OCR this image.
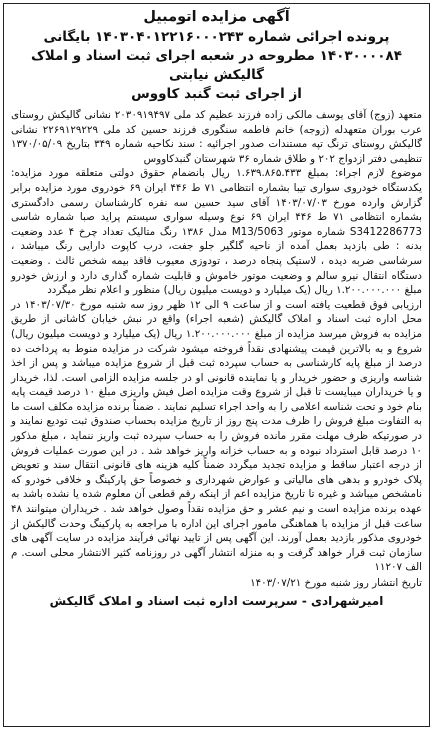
آگهی مزایده اتومبیل
پرونده اجرائی شماره ۱۴۰۳۰۴۰۱۲۲۱۶۰۰۰۲۴۳ بایگانی
۱۴۰۳۰۰۰۰۸۴ مطروحه در شعبه اجرای ثبت اسناد و املاک گالیکش نیابتی
از اجرای ثبت گنبد کاووس

متعهد (زوج) آقای یوسف مالکی زاده فرزند عظیم کد ملی ۲۰۳۰۹۱۹۴۹۷ نشانی گالیکش روستای عرب بوران متعهدله (زوجه) خانم فاطمه سنگوری فرزند حسین کد ملی ۲۲۶۹۱۲۹۲۲۹ نشانی گالیکش روستای ترنگ تپه مستندات صدور اجرائیه : سند نکاحیه شماره ۳۴۹ بتاریخ ۱۳۷۰/۰۵/۰۹ تنظیمی دفتر ازدواج ۲۰۲ و طلاق شماره ۳۶ شهرستان گنبدکاووس

موضوع لازم اجراء: بمبلغ ۱.۶۳۹.۸۶۵.۴۳۳ ریال بانضمام حقوق دولتی متعلقه مورد مزایده: یکدستگاه خودروی سواری تیبا بشماره انتظامی ۷۱ ط ۴۴۶ ایران ۶۹ خودروی مورد مزایده برابر گزارش وارده مورخ ۱۴۰۳/۰۷/۰۳ آقای سید حسین سه نفره کارشناسان رسمی دادگستری بشماره انتظامی ۷۱ ط ۴۴۶ ایران ۶۹ نوع وسیله سواری سیستم پراید صبا شماره شاسی S3412286773 شماره موتور M13/5063 مدل ۱۳۸۶ رنگ متالیک تعداد چرخ ۴ عدد وضعیت بدنه : طی بازدید بعمل آمده از ناحیه گلگیر جلو جفت، درب کاپوت دارایی رنگ میباشد ، سرشاسی ضربه دیده ، لاستیک پنجاه درصد ، تودوزی معیوب فاقد بیمه شخص ثالث . وضعیت دستگاه انتقال نیرو سالم و وضعیت موتور خاموش و قابلیت شماره گذاری دارد و ارزش خودرو مبلغ ۱.۲۰۰.۰۰۰.۰۰۰ ریال (یک میلیارد و دویست میلیون ریال) منظور و اعلام نظر میگردد

ارزیابی فوق قطعیت یافته است و از ساعت ۹ الی ۱۲ ظهر روز سه شنبه مورخ ۱۴۰۳/۰۷/۳۰ در محل اداره ثبت اسناد و املاک گالیکش (شعبه اجراء) واقع در نبش خیابان کاشانی از طریق مزایده به فروش میرسد مزایده از مبلغ ۱.۲۰۰.۰۰۰.۰۰۰ ریال (یک میلیارد و دویست میلیون ریال) شروع و به بالاترین قیمت پیشنهادی نقداً فروخته میشود شرکت در مزایده منوط به پرداخت ده درصد از مبلغ پایه کارشناسی به حساب سپرده ثبت قبل از شروع مزایده میباشد و پس از اخذ شناسه واریزی و حضور خریدار و یا نماینده قانونی او در جلسه مزایده الزامی است. لذا، خریدار و یا خریداران میبایست تا قبل از شروع وقت مزایده اصل فیش واریزی مبلغ ۱۰ درصد قیمت پایه بنام خود و تحت شناسه اعلامی را به واحد اجراء تسلیم نمایند . ضمناً برنده مزایده مکلف است ما به التفاوت مبلغ فروش را ظرف مدت پنج روز از تاریخ مزایده بحساب صندوق ثبت تودیع نمایند و در صورتیکه ظرف مهلت مقرر مانده فروش را به حساب سپرده ثبت واریز ننماید ، مبلغ مذکور ۱۰ درصد قابل استرداد نبوده و به حساب خزانه واریز خواهد شد . در این صورت عملیات فروش از درجه اعتبار ساقط و مزایده تجدید میگردد ضمناً کلیه هزینه های قانونی انتقال سند و تعویض پلاک خودرو و بدهی های مالیاتی و عوارض شهرداری و خصوصاً حق پارکینگ و خلافی خودرو که نامشخص میباشد و غیره تا تاریخ مزایده اعم از اینکه رقم قطعی آن معلوم شده یا نشده باشد به عهده برنده مزایده است و نیم عشر و حق مزایده نقداً وصول خواهد شد . خریداران میتوانند ۴۸ ساعت قبل از مزایده با هماهنگی مامور اجرای این اداره با مراجعه به پارکینگ وحدت گالیکش از خودروی مذکور بازدید بعمل آورند. این آگهی پس از تایید نهائی فرآیند مزایده در سایت آگهی های سازمان ثبت قرار خواهد گرفت و به منزله انتشار آگهی در روزنامه کثیر الانتشار محلی است. م الف ۱۱۲۰۷

تاریخ انتشار روز شنبه مورخ ۱۴۰۳/۰۷/۲۱
امیرشهرادی - سرپرست اداره ثبت اسناد و املاک گالیکش
